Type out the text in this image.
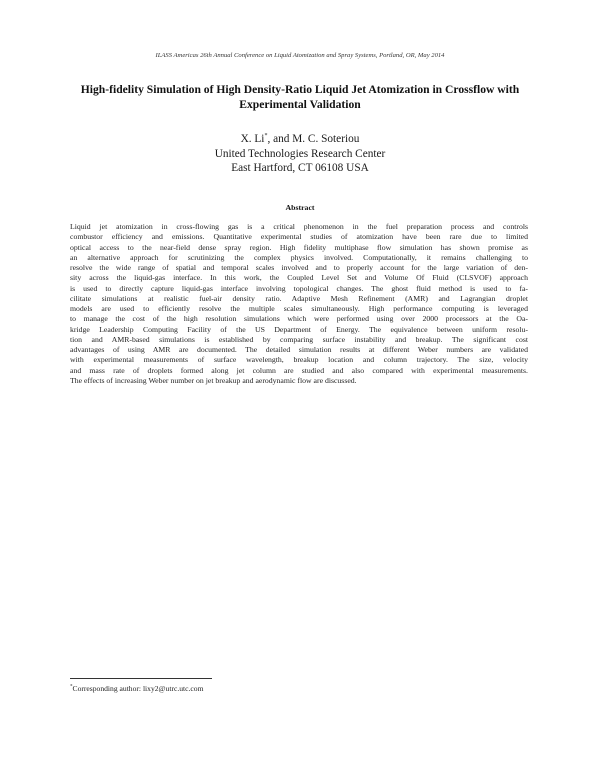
ILASS Americas 26th Annual Conference on Liquid Atomization and Spray Systems, Portland, OR, May 2014
High-fidelity Simulation of High Density-Ratio Liquid Jet Atomization in Crossflow with
Experimental Validation
X. Li*, and M. C. Soteriou
United Technologies Research Center
East Hartford, CT 06108 USA
Abstract

Liquid jet atomization in cross-flowing gas is a critical phenomenon in the fuel preparation process and controls
combustor efficiency and emissions. Quantitative experimental studies of atomization have been rare due to limited
optical access to the near-field dense spray region. High fidelity multiphase flow simulation has shown promise as
an alternative approach for scrutinizing the complex physics involved. Computationally, it remains challenging to
resolve the wide range of spatial and temporal scales involved and to properly account for the large variation of den-
sity across the liquid-gas interface. In this work, the Coupled Level Set and Volume Of Fluid (CLSVOF) approach
is used to directly capture liquid-gas interface involving topological changes. The ghost fluid method is used to fa-
cilitate simulations at realistic fuel-air density ratio. Adaptive Mesh Refinement (AMR) and Lagrangian droplet
models are used to efficiently resolve the multiple scales simultaneously. High performance computing is leveraged
to manage the cost of the high resolution simulations which were performed using over 2000 processors at the Oa-
kridge Leadership Computing Facility of the US Department of Energy. The equivalence between uniform resolu-
tion and AMR-based simulations is established by comparing surface instability and breakup. The significant cost
advantages of using AMR are documented. The detailed simulation results at different Weber numbers are validated
with experimental measurements of surface wavelength, breakup location and column trajectory. The size, velocity
and mass rate of droplets formed along jet column are studied and also compared with experimental measurements.
The effects of increasing Weber number on jet breakup and aerodynamic flow are discussed.

*Corresponding author: lixy2@utrc.utc.com
